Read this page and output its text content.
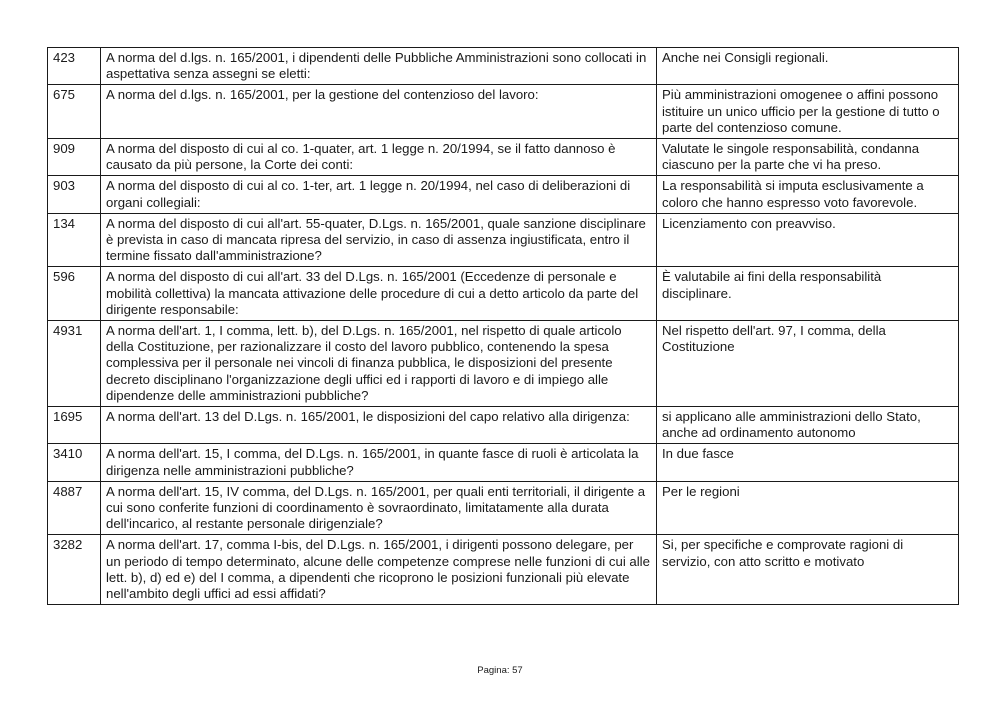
423	A norma del d.lgs. n. 165/2001, i dipendenti delle Pubbliche Amministrazioni sono collocati in aspettativa senza assegni se eletti:	Anche nei Consigli regionali.
675	A norma del d.lgs. n. 165/2001, per la gestione del contenzioso del lavoro:	Più amministrazioni omogenee o affini possono istituire un unico ufficio per la gestione di tutto o parte del contenzioso comune.
909	A norma del disposto di cui al co. 1-quater, art. 1 legge n. 20/1994, se il fatto dannoso è causato da più persone, la Corte dei conti:	Valutate le singole responsabilità, condanna ciascuno per la parte che vi ha preso.
903	A norma del disposto di cui al co. 1-ter, art. 1 legge n. 20/1994, nel caso di deliberazioni di organi collegiali:	La responsabilità si imputa esclusivamente a coloro che hanno espresso voto favorevole.
134	A norma del disposto di cui all'art. 55-quater, D.Lgs. n. 165/2001, quale sanzione disciplinare è prevista in caso di mancata ripresa del servizio, in caso di assenza ingiustificata, entro il termine fissato dall'amministrazione?	Licenziamento con preavviso.
596	A norma del disposto di cui all'art. 33 del D.Lgs. n. 165/2001 (Eccedenze di personale e mobilità collettiva) la mancata attivazione delle procedure di cui a detto articolo da parte del dirigente responsabile:	È valutabile ai fini della responsabilità disciplinare.
4931	A norma dell'art. 1, I comma, lett. b), del D.Lgs. n. 165/2001, nel rispetto di quale articolo della Costituzione, per razionalizzare il costo del lavoro pubblico, contenendo la spesa complessiva per il personale nei vincoli di finanza pubblica, le disposizioni del presente decreto disciplinano l'organizzazione degli uffici ed i rapporti di lavoro e di impiego alle dipendenze delle amministrazioni pubbliche?	Nel rispetto dell'art. 97, I comma, della Costituzione
1695	A norma dell'art. 13 del D.Lgs. n. 165/2001, le disposizioni del capo relativo alla dirigenza:	si applicano alle amministrazioni dello Stato, anche ad ordinamento autonomo
3410	A norma dell'art. 15, I comma, del D.Lgs. n. 165/2001, in quante fasce di ruoli è articolata la dirigenza nelle amministrazioni pubbliche?	In due fasce
4887	A norma dell'art. 15, IV comma, del D.Lgs. n. 165/2001, per quali enti territoriali, il dirigente a cui sono conferite funzioni di coordinamento è sovraordinato, limitatamente alla durata dell'incarico, al restante personale dirigenziale?	Per le regioni
3282	A norma dell'art. 17, comma I-bis, del D.Lgs. n. 165/2001, i dirigenti possono delegare, per un periodo di tempo determinato, alcune delle competenze comprese nelle funzioni di cui alle lett. b), d) ed e) del I comma, a dipendenti che ricoprono le posizioni funzionali più elevate nell'ambito degli uffici ad essi affidati?	Si, per specifiche e comprovate ragioni di servizio, con atto scritto e motivato
Pagina: 57
